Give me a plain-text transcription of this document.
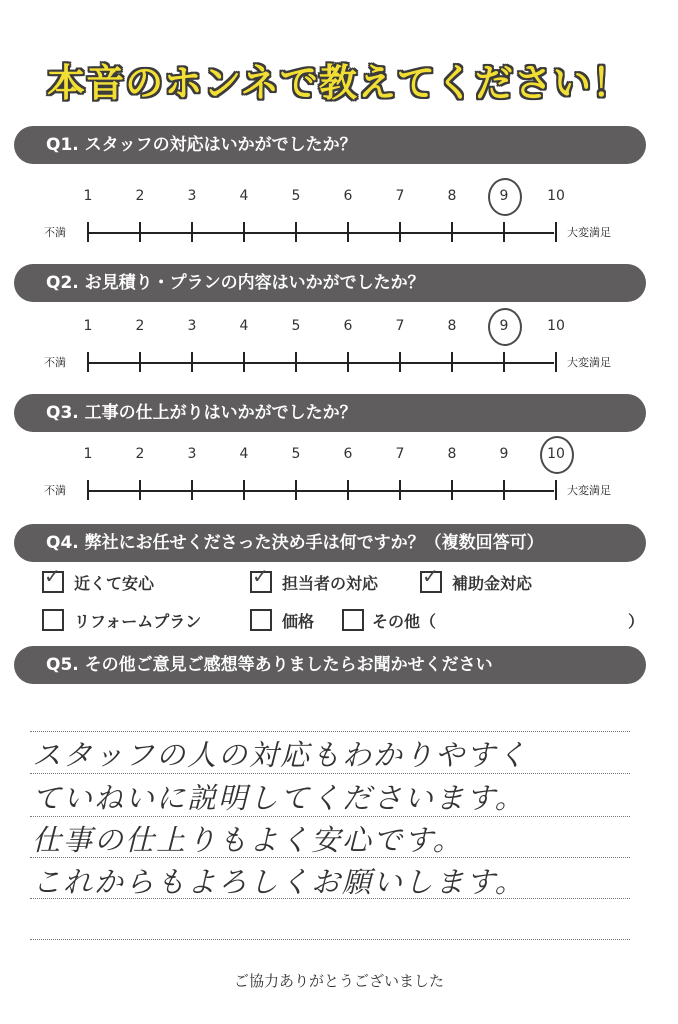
本音のホンネで教えてください！
Q1. スタッフの対応はいかがでしたか？
1	2	3	4	5	6	7	8	9	10
不満	大変満足
Q2. お見積り・プランの内容はいかがでしたか？
1	2	3	4	5	6	7	8	9	10
不満	大変満足
Q3. 工事の仕上がりはいかがでしたか？
1	2	3	4	5	6	7	8	9	10
不満	大変満足
Q4. 弊社にお任せくださった決め手は何ですか？（複数回答可）
✓ 近くて安心	✓ 担当者の対応 ✓ 補助金対応
リフォームプラン	価格	その他（	）
Q5. その他ご意見ご感想等ありましたらお聞かせください
スタッフの人の対応もわかりやすく
ていねいに説明してくださいます。
仕事の仕上りもよく安心です。
これからもよろしくお願いします。
ご協力ありがとうございました
